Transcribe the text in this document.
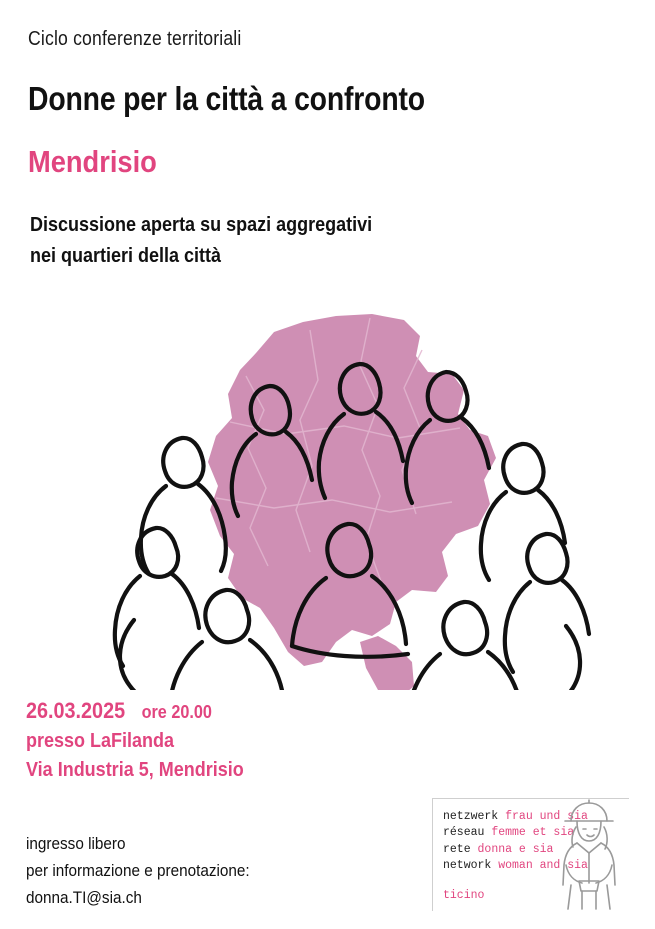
Ciclo conferenze territoriali
Donne per la città a confronto
Mendrisio
Discussione aperta su spazi aggregativi
nei quartieri della città
26.03.2025 ore 20.00
presso LaFilanda
Via Industria 5, Mendrisio
ingresso libero
per informazione e prenotazione:
donna.TI@sia.ch
netzwerk frau und sia
réseau femme et sia
rete donna e sia
network woman and sia
ticino
